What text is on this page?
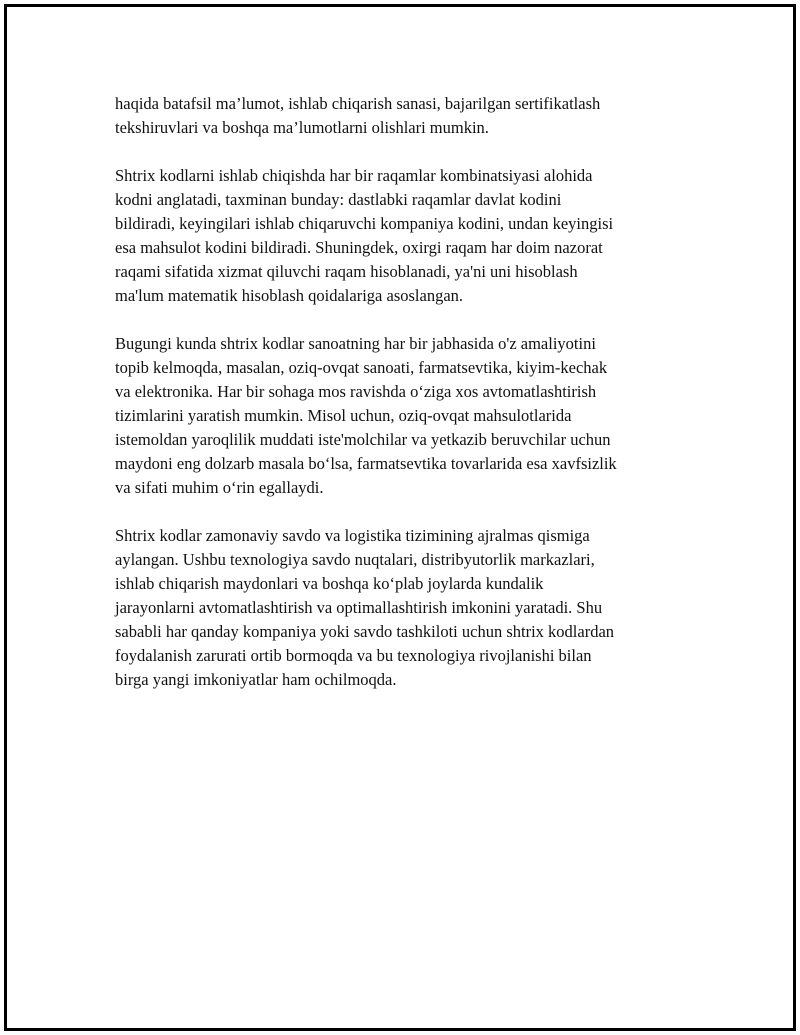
haqida batafsil ma’lumot, ishlab chiqarish sanasi, bajarilgan sertifikatlash
tekshiruvlari va boshqa ma’lumotlarni olishlari mumkin.

Shtrix kodlarni ishlab chiqishda har bir raqamlar kombinatsiyasi alohida
kodni anglatadi, taxminan bunday: dastlabki raqamlar davlat kodini
bildiradi, keyingilari ishlab chiqaruvchi kompaniya kodini, undan keyingisi
esa mahsulot kodini bildiradi. Shuningdek, oxirgi raqam har doim nazorat
raqami sifatida xizmat qiluvchi raqam hisoblanadi, ya'ni uni hisoblash
ma'lum matematik hisoblash qoidalariga asoslangan.

Bugungi kunda shtrix kodlar sanoatning har bir jabhasida o'z amaliyotini
topib kelmoqda, masalan, oziq-ovqat sanoati, farmatsevtika, kiyim-kechak
va elektronika. Har bir sohaga mos ravishda o‘ziga xos avtomatlashtirish
tizimlarini yaratish mumkin. Misol uchun, oziq-ovqat mahsulotlarida
istemoldan yaroqlilik muddati iste'molchilar va yetkazib beruvchilar uchun
maydoni eng dolzarb masala bo‘lsa, farmatsevtika tovarlarida esa xavfsizlik
va sifati muhim o‘rin egallaydi.

Shtrix kodlar zamonaviy savdo va logistika tizimining ajralmas qismiga
aylangan. Ushbu texnologiya savdo nuqtalari, distribyutorlik markazlari,
ishlab chiqarish maydonlari va boshqa ko‘plab joylarda kundalik
jarayonlarni avtomatlashtirish va optimallashtirish imkonini yaratadi. Shu
sababli har qanday kompaniya yoki savdo tashkiloti uchun shtrix kodlardan
foydalanish zarurati ortib bormoqda va bu texnologiya rivojlanishi bilan
birga yangi imkoniyatlar ham ochilmoqda.
